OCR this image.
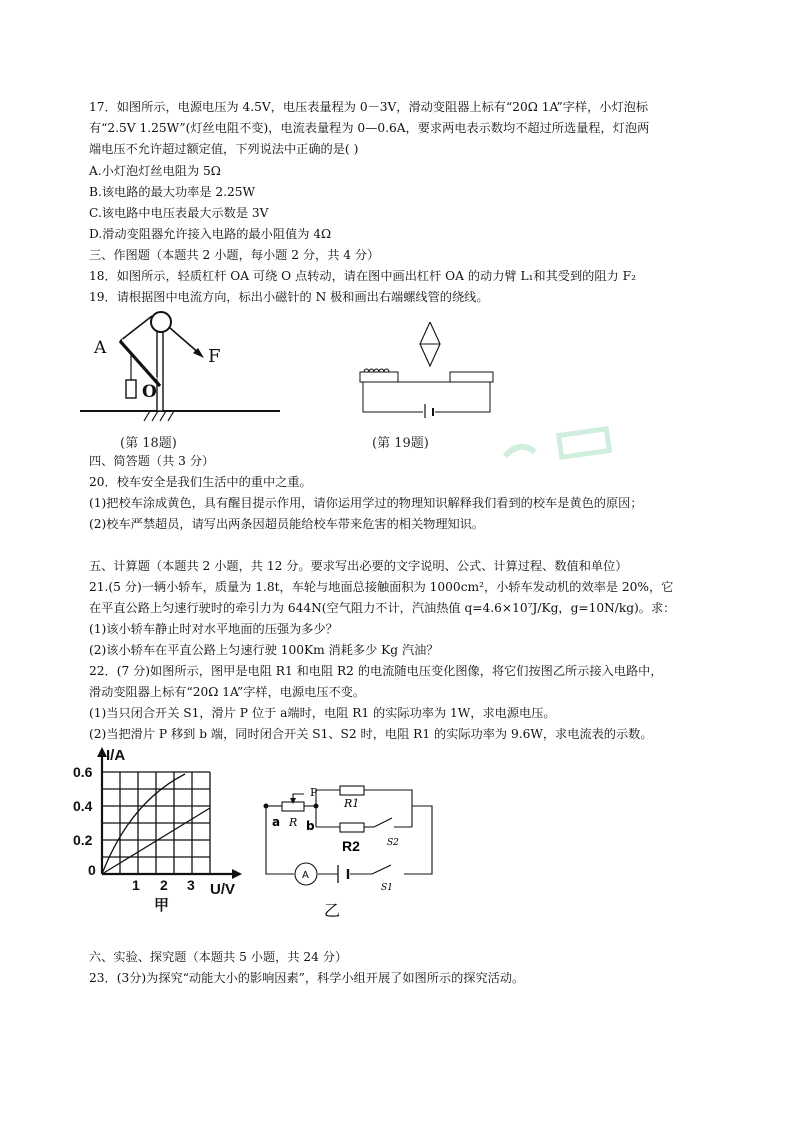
17．如图所示，电源电压为 4.5V，电压表量程为 0－3V，滑动变阻器上标有“20Ω 1A”字样，小灯泡标
有“2.5V 1.25W”(灯丝电阻不变)，电流表量程为 0—0.6A，要求两电表示数均不超过所选量程，灯泡两
端电压不允许超过额定值，下列说法中正确的是( )
A.小灯泡灯丝电阻为 5Ω
B.该电路的最大功率是 2.25W
C.该电路中电压表最大示数是 3V
D.滑动变阻器允许接入电路的最小阻值为 4Ω
三、作图题（本题共 2 小题，每小题 2 分，共 4 分）
18．如图所示，轻质杠杆 OA 可绕 O 点转动，请在图中画出杠杆 OA 的动力臂 L₁和其受到的阻力 F₂
19．请根据图中电流方向，标出小磁针的 N 极和画出右端螺线管的绕线。
A	F
O
(第 18题)	(第 19题)
四、简答题（共 3 分）
20．校车安全是我们生活中的重中之重。
(1)把校车涂成黄色，具有醒目提示作用，请你运用学过的物理知识解释我们看到的校车是黄色的原因；
(2)校车严禁超员，请写出两条因超员能给校车带来危害的相关物理知识。
五、计算题（本题共 2 小题，共 12 分。要求写出必要的文字说明、公式、计算过程、数值和单位）
21.(5 分)一辆小轿车，质量为 1.8t，车轮与地面总接触面积为 1000cm²，小轿车发动机的效率是 20%，它
在平直公路上匀速行驶时的牵引力为 644N(空气阻力不计，汽油热值 q=4.6×10⁷J/Kg，g=10N/kg)。求：
(1)该小轿车静止时对水平地面的压强为多少？
(2)该小轿车在平直公路上匀速行驶 100Km 消耗多少 Kg 汽油？
22．(7 分)如图所示，图甲是电阻 R1 和电阻 R2 的电流随电压变化图像，将它们按图乙所示接入电路中，
滑动变阻器上标有“20Ω 1A”字样，电源电压不变。
(1)当只闭合开关 S1，滑片 P 位于 a端时，电阻 R1 的实际功率为 1W，求电源电压。
(2)当把滑片 P 移到 b 端，同时闭合开关 S1、S2 时，电阻 R1 的实际功率为 9.6W，求电流表的示数。
I/A
U/V
0.6
0.4
0.2
0
1 2 3
甲
P
R1
R2
a R b
S2
S1
A
乙
六、实验、探究题（本题共 5 小题，共 24 分）
23．(3分)为探究“动能大小的影响因素”，科学小组开展了如图所示的探究活动。
